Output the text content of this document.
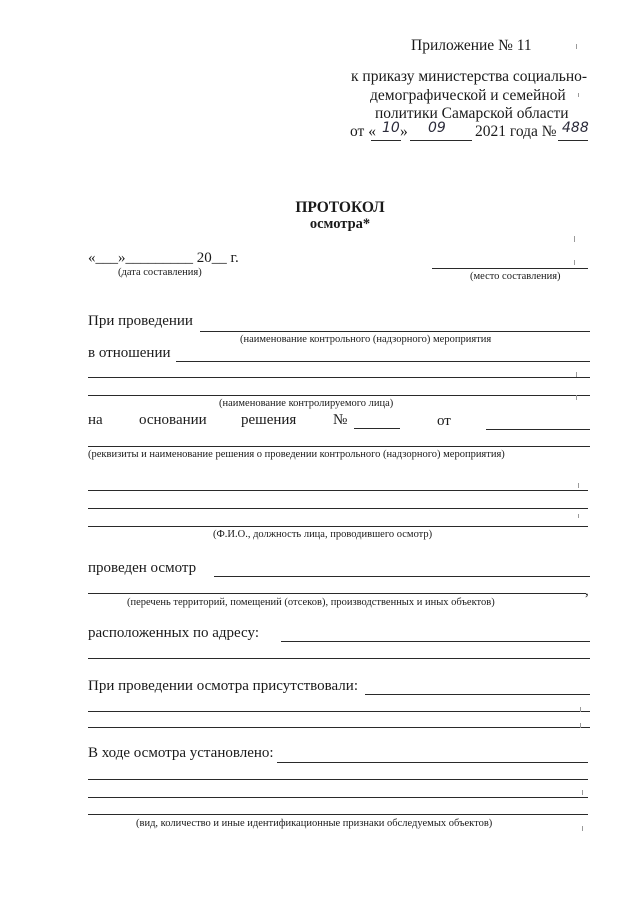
Приложение № 11
к приказу министерства социально-
демографической и семейной
политики Самарской области
от « 10 » 09 2021 года № 488
ПРОТОКОЛ
осмотра*
«___»_________ 20__ г.
(дата составления)	(место составления)
При проведении
(наименование контрольного (надзорного) мероприятия
в отношении
(наименование контролируемого лица)
на основании решения №	от
(реквизиты и наименование решения о проведении контрольного (надзорного) мероприятия)
(Ф.И.О., должность лица, проводившего осмотр)
проведен осмотр
,
(перечень территорий, помещений (отсеков), производственных и иных объектов)
расположенных по адресу:
При проведении осмотра присутствовали:
В ходе осмотра установлено:
(вид, количество и иные идентификационные признаки обследуемых объектов)
